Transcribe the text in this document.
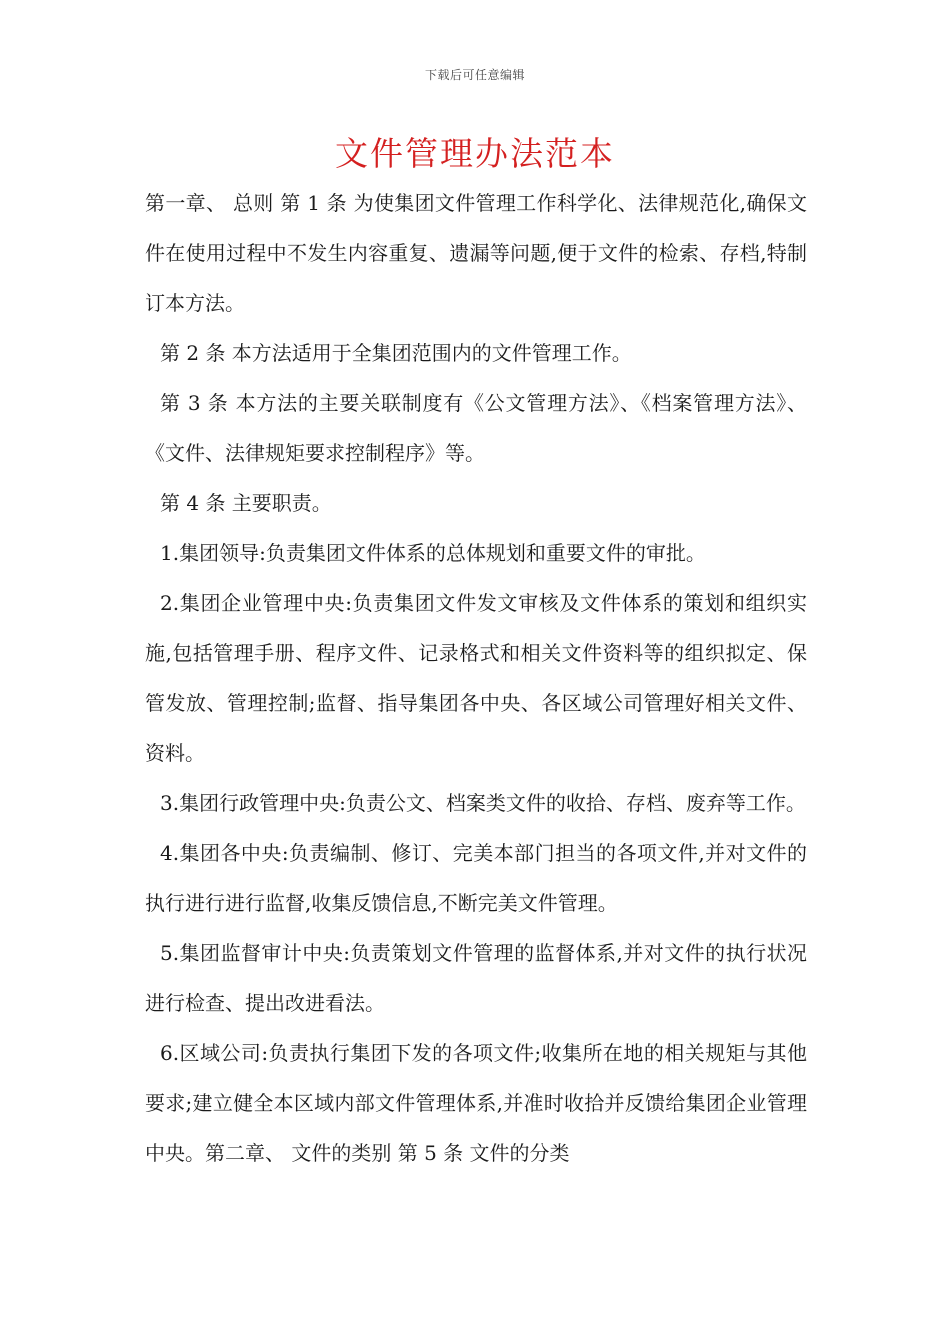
下载后可任意编辑
文件管理办法范本

第一章、 总则 第 1 条 为使集团文件管理工作科学化、法律规范化,确保文件在使用过程中不发生内容重复、遗漏等问题,便于文件的检索、存档,特制订本方法。

第 2 条 本方法适用于全集团范围内的文件管理工作。

第 3 条 本方法的主要关联制度有《公文管理方法》、《档案管理方法》、《文件、法律规矩要求控制程序》等。

第 4 条 主要职责。

1.集团领导:负责集团文件体系的总体规划和重要文件的审批。

2.集团企业管理中央:负责集团文件发文审核及文件体系的策划和组织实施,包括管理手册、程序文件、记录格式和相关文件资料等的组织拟定、保管发放、管理控制;监督、指导集团各中央、各区域公司管理好相关文件、资料。

3.集团行政管理中央:负责公文、档案类文件的收拾、存档、废弃等工作。

4.集团各中央:负责编制、修订、完美本部门担当的各项文件,并对文件的执行进行进行监督,收集反馈信息,不断完美文件管理。

5.集团监督审计中央:负责策划文件管理的监督体系,并对文件的执行状况进行检查、提出改进看法。

6.区域公司:负责执行集团下发的各项文件;收集所在地的相关规矩与其他要求;建立健全本区域内部文件管理体系,并准时收拾并反馈给集团企业管理中央。第二章、 文件的类别 第 5 条 文件的分类
